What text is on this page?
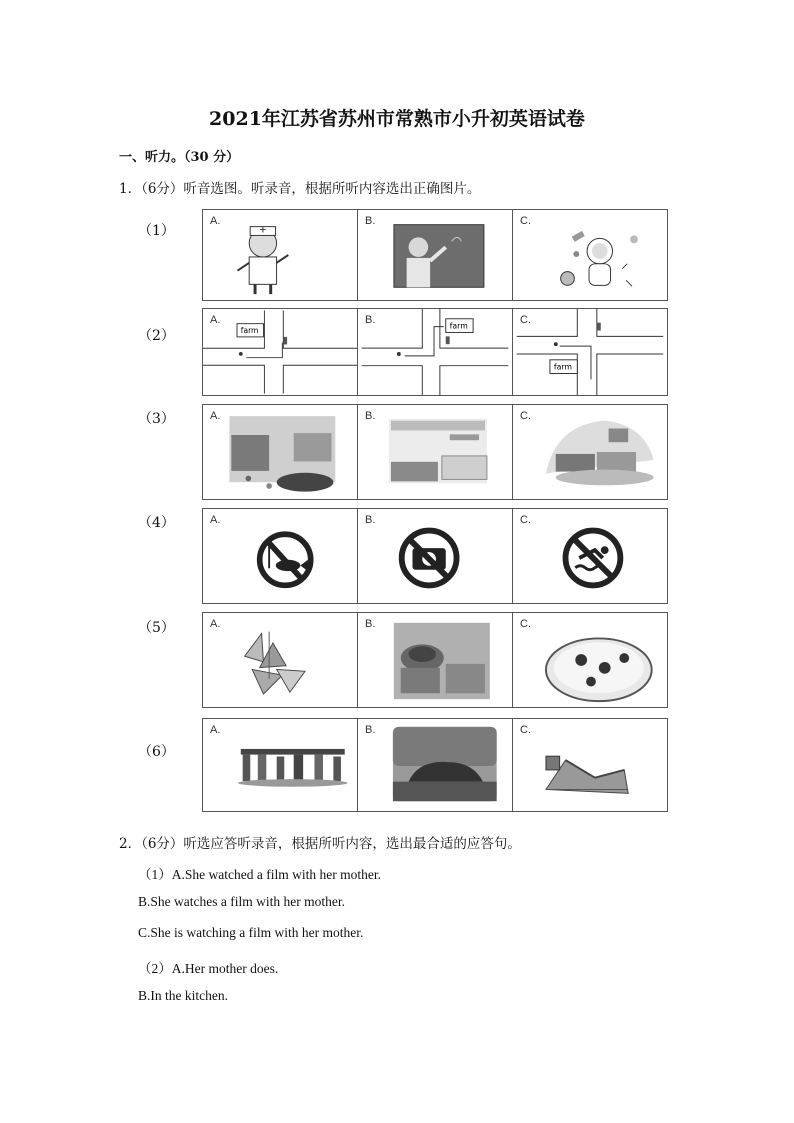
2021年江苏省苏州市常熟市小升初英语试卷
一、听力。（30 分）
1．（6分）听音选图。听录音，根据所听内容选出正确图片。
（1）
A.	B.	C.
（2）
A.
farm
B.
farm
C.
farm
（3）	A.	B.	C.
（4）	A.	B.	C.
（5）	A.	B.	C.
（6）
A.	B.	C.
2．（6分）听选应答听录音，根据所听内容，选出最合适的应答句。
（1）A.She watched a film with her mother.
B.She watches a film with her mother.
C.She is watching a film with her mother.
（2）A.Her mother does.
B.In the kitchen.
